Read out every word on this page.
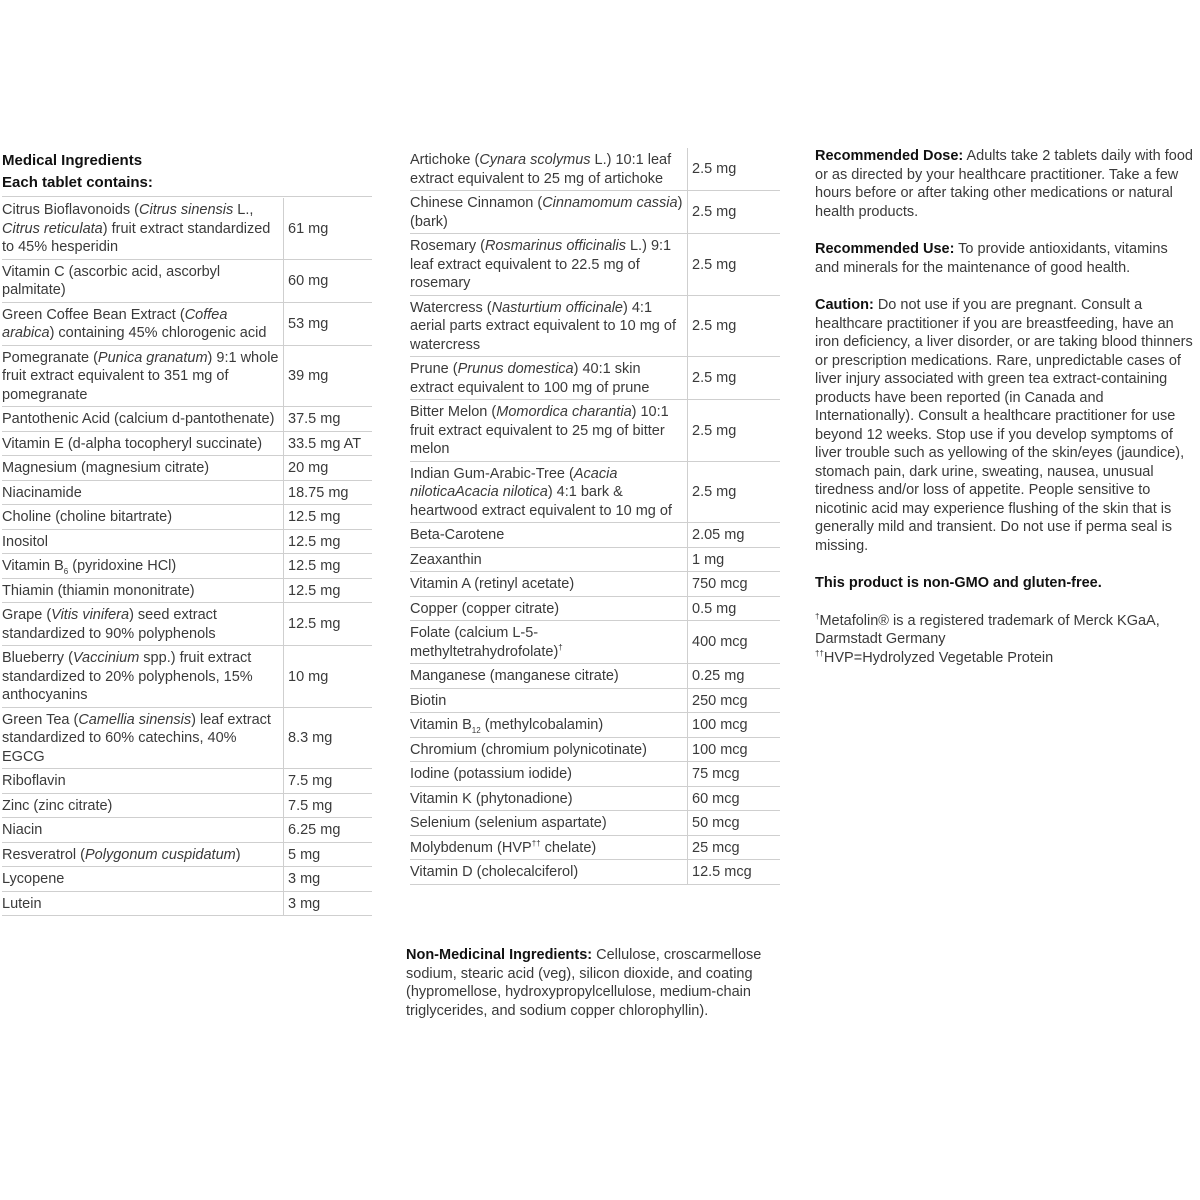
Medical Ingredients
Each tablet contains:
Citrus Bioflavonoids (Citrus sinensis L., Citrus reticulata) fruit extract standardized to 45% hesperidin	61 mg
Vitamin C (ascorbic acid, ascorbyl palmitate)	60 mg
Green Coffee Bean Extract (Coffea arabica) containing 45% chlorogenic acid	53 mg
Pomegranate (Punica granatum) 9:1 whole fruit extract equivalent to 351 mg of pomegranate	39 mg
Pantothenic Acid (calcium d-pantothenate)	37.5 mg
Vitamin E (d-alpha tocopheryl succinate)	33.5 mg AT
Magnesium (magnesium citrate)	20 mg
Niacinamide	18.75 mg
Choline (choline bitartrate)	12.5 mg
Inositol	12.5 mg
Vitamin $B_6$ (pyridoxine HCl)	12.5 mg
Thiamin (thiamin mononitrate)	12.5 mg
Grape (Vitis vinifera) seed extract standardized to 90% polyphenols	12.5 mg
Blueberry (Vaccinium spp.) fruit extract standardized to 20% polyphenols, 15% anthocyanins	10 mg
Green Tea (Camellia sinensis) leaf extract standardized to 60% catechins, 40% EGCG	8.3 mg
Riboflavin	7.5 mg
Zinc (zinc citrate)	7.5 mg
Niacin	6.25 mg
Resveratrol (Polygonum cuspidatum)	5 mg
Lycopene	3 mg
Lutein	3 mg
Artichoke (Cynara scolymus L.) 10:1 leaf extract equivalent to 25 mg of artichoke	2.5 mg
Chinese Cinnamon (Cinnamomum cassia) (bark)	2.5 mg
Rosemary (Rosmarinus officinalis L.) 9:1 leaf extract equivalent to 22.5 mg of rosemary	2.5 mg
Watercress (Nasturtium officinale) 4:1 aerial parts extract equivalent to 10 mg of watercress	2.5 mg
Prune (Prunus domestica) 40:1 skin extract equivalent to 100 mg of prune	2.5 mg
Bitter Melon (Momordica charantia) 10:1 fruit extract equivalent to 25 mg of bitter melon	2.5 mg
Indian Gum-Arabic-Tree (Acacia niloticaAcacia nilotica) 4:1 bark & heartwood extract equivalent to 10 mg of	2.5 mg
Beta-Carotene	2.05 mg
Zeaxanthin	1 mg
Vitamin A (retinyl acetate)	750 mcg
Copper (copper citrate)	0.5 mg
Folate (calcium L-5-methyltetrahydrofolate)†	400 mcg
Manganese (manganese citrate)	0.25 mg
Biotin	250 mcg
Vitamin $B_{12}$ (methylcobalamin)	100 mcg
Chromium (chromium polynicotinate)	100 mcg
Iodine (potassium iodide)	75 mcg
Vitamin K (phytonadione)	60 mcg
Selenium (selenium aspartate)	50 mcg
Molybdenum (HVP†† chelate)	25 mcg
Vitamin D (cholecalciferol)	12.5 mcg

Non-Medicinal Ingredients: Cellulose, croscarmellose sodium, stearic acid (veg), silicon dioxide, and coating (hypromellose, hydroxypropylcellulose, medium-chain triglycerides, and sodium copper chlorophyllin).

Recommended Dose: Adults take 2 tablets daily with food or as directed by your healthcare practitioner. Take a few hours before or after taking other medications or natural health products.

Recommended Use: To provide antioxidants, vitamins and minerals for the maintenance of good health.

Caution: Do not use if you are pregnant. Consult a healthcare practitioner if you are breastfeeding, have an iron deficiency, a liver disorder, or are taking blood thinners or prescription medications. Rare, unpredictable cases of liver injury associated with green tea extract-containing products have been reported (in Canada and Internationally). Consult a healthcare practitioner for use beyond 12 weeks. Stop use if you develop symptoms of liver trouble such as yellowing of the skin/eyes (jaundice), stomach pain, dark urine, sweating, nausea, unusual tiredness and/or loss of appetite. People sensitive to nicotinic acid may experience flushing of the skin that is generally mild and transient. Do not use if perma seal is missing.

This product is non-GMO and gluten-free.

†Metafolin® is a registered trademark of Merck KGaA, Darmstadt Germany

††HVP=Hydrolyzed Vegetable Protein
